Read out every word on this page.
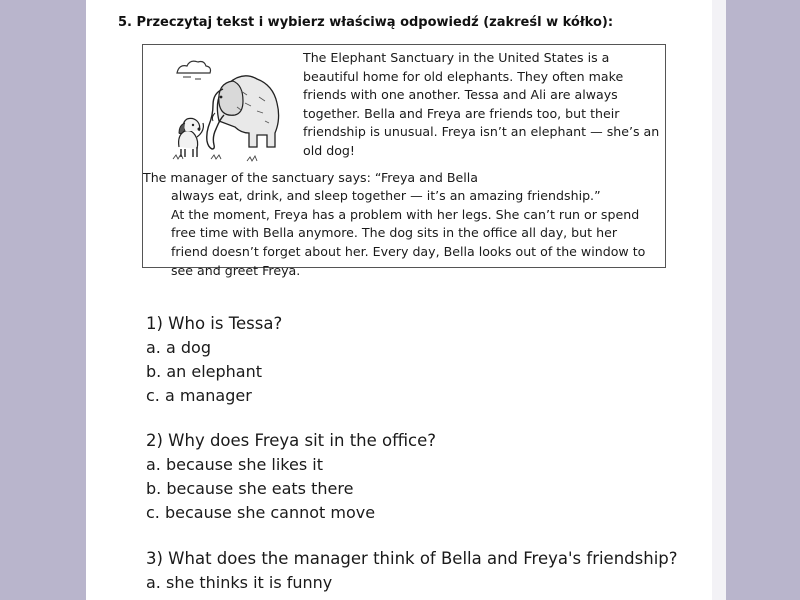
5. Przeczytaj tekst i wybierz właściwą odpowiedź (zakreśl w kółko):

The Elephant Sanctuary in the United States is a beautiful home for old elephants. They often make friends with one another. Tessa and Ali are always together. Bella and Freya are friends too, but their friendship is unusual. Freya isn’t an elephant — she’s an old dog!

The manager of the sanctuary says: “Freya and Bella

always eat, drink, and sleep together — it’s an amazing friendship.”

At the moment, Freya has a problem with her legs. She can’t run or spend free time with Bella anymore. The dog sits in the office all day, but her friend doesn’t forget about her. Every day, Bella looks out of the window to see and greet Freya.

1) Who is Tessa?
a. a dog
b. an elephant
c. a manager
2) Why does Freya sit in the office?
a. because she likes it
b. because she eats there
c. because she cannot move
3) What does the manager think of Bella and Freya's friendship?
a. she thinks it is funny
